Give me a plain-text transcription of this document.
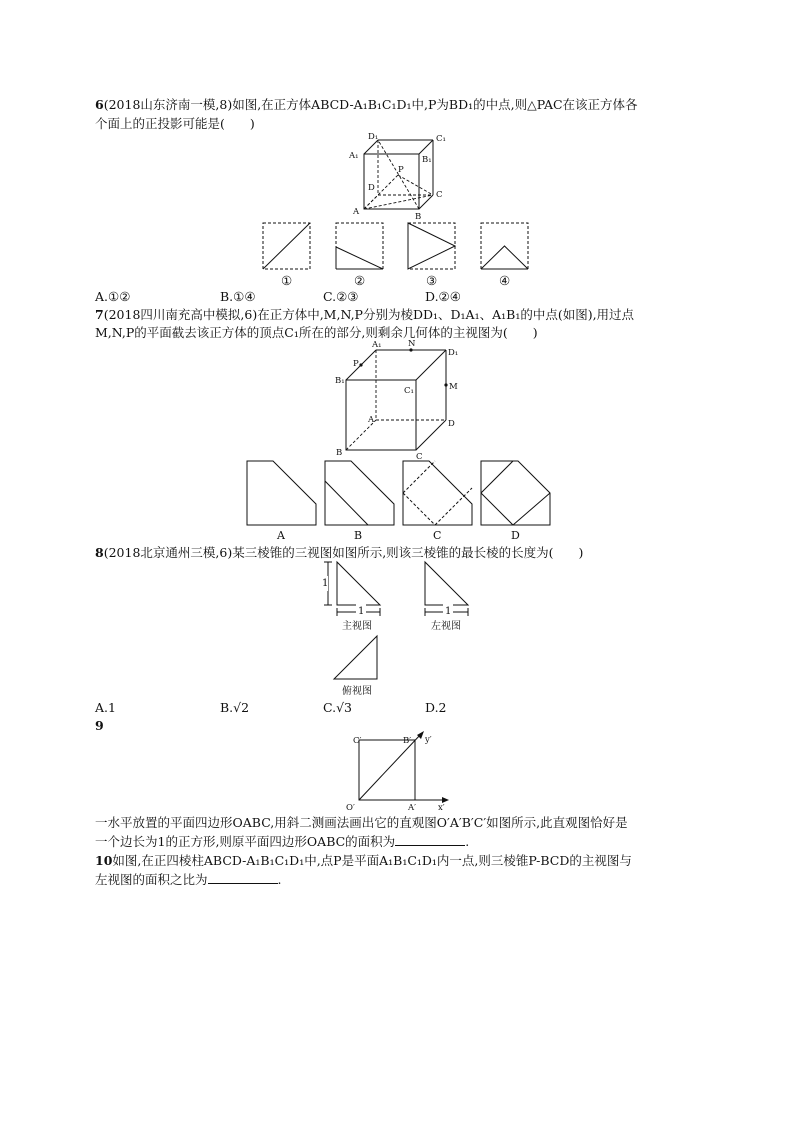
6(2018山东济南一模,8)如图,在正方体ABCD-A₁B₁C₁D₁中,P为BD₁的中点,则△PAC在该正方体各
个面上的正投影可能是(　　)
D₁	C₁
A₁	B₁
P
D
C
A	B
①	②	③	④
A.①②	B.①④	C.②③	D.②④
7(2018四川南充高中模拟,6)在正方体中,M,N,P分别为棱DD₁、D₁A₁、A₁B₁的中点(如图),用过点
M,N,P的平面截去该正方体的顶点C₁所在的部分,则剩余几何体的主视图为(　　)
A₁	N
D₁
P
B₁
C₁	M
A	D
B	C
A	B	C	D
8(2018北京通州三模,6)某三棱锥的三视图如图所示,则该三棱锥的最长棱的长度为(　　)
1
1
主视图
1
左视图
俯视图
A.1	B.√2	C.√3	D.2
9
C′	B′ y′
O′	A′	x′
一水平放置的平面四边形OABC,用斜二测画法画出它的直观图O′A′B′C′如图所示,此直观图恰好是
一个边长为1的正方形,则原平面四边形OABC的面积为	.
10如图,在正四棱柱ABCD-A₁B₁C₁D₁中,点P是平面A₁B₁C₁D₁内一点,则三棱锥P-BCD的主视图与
左视图的面积之比为	.
